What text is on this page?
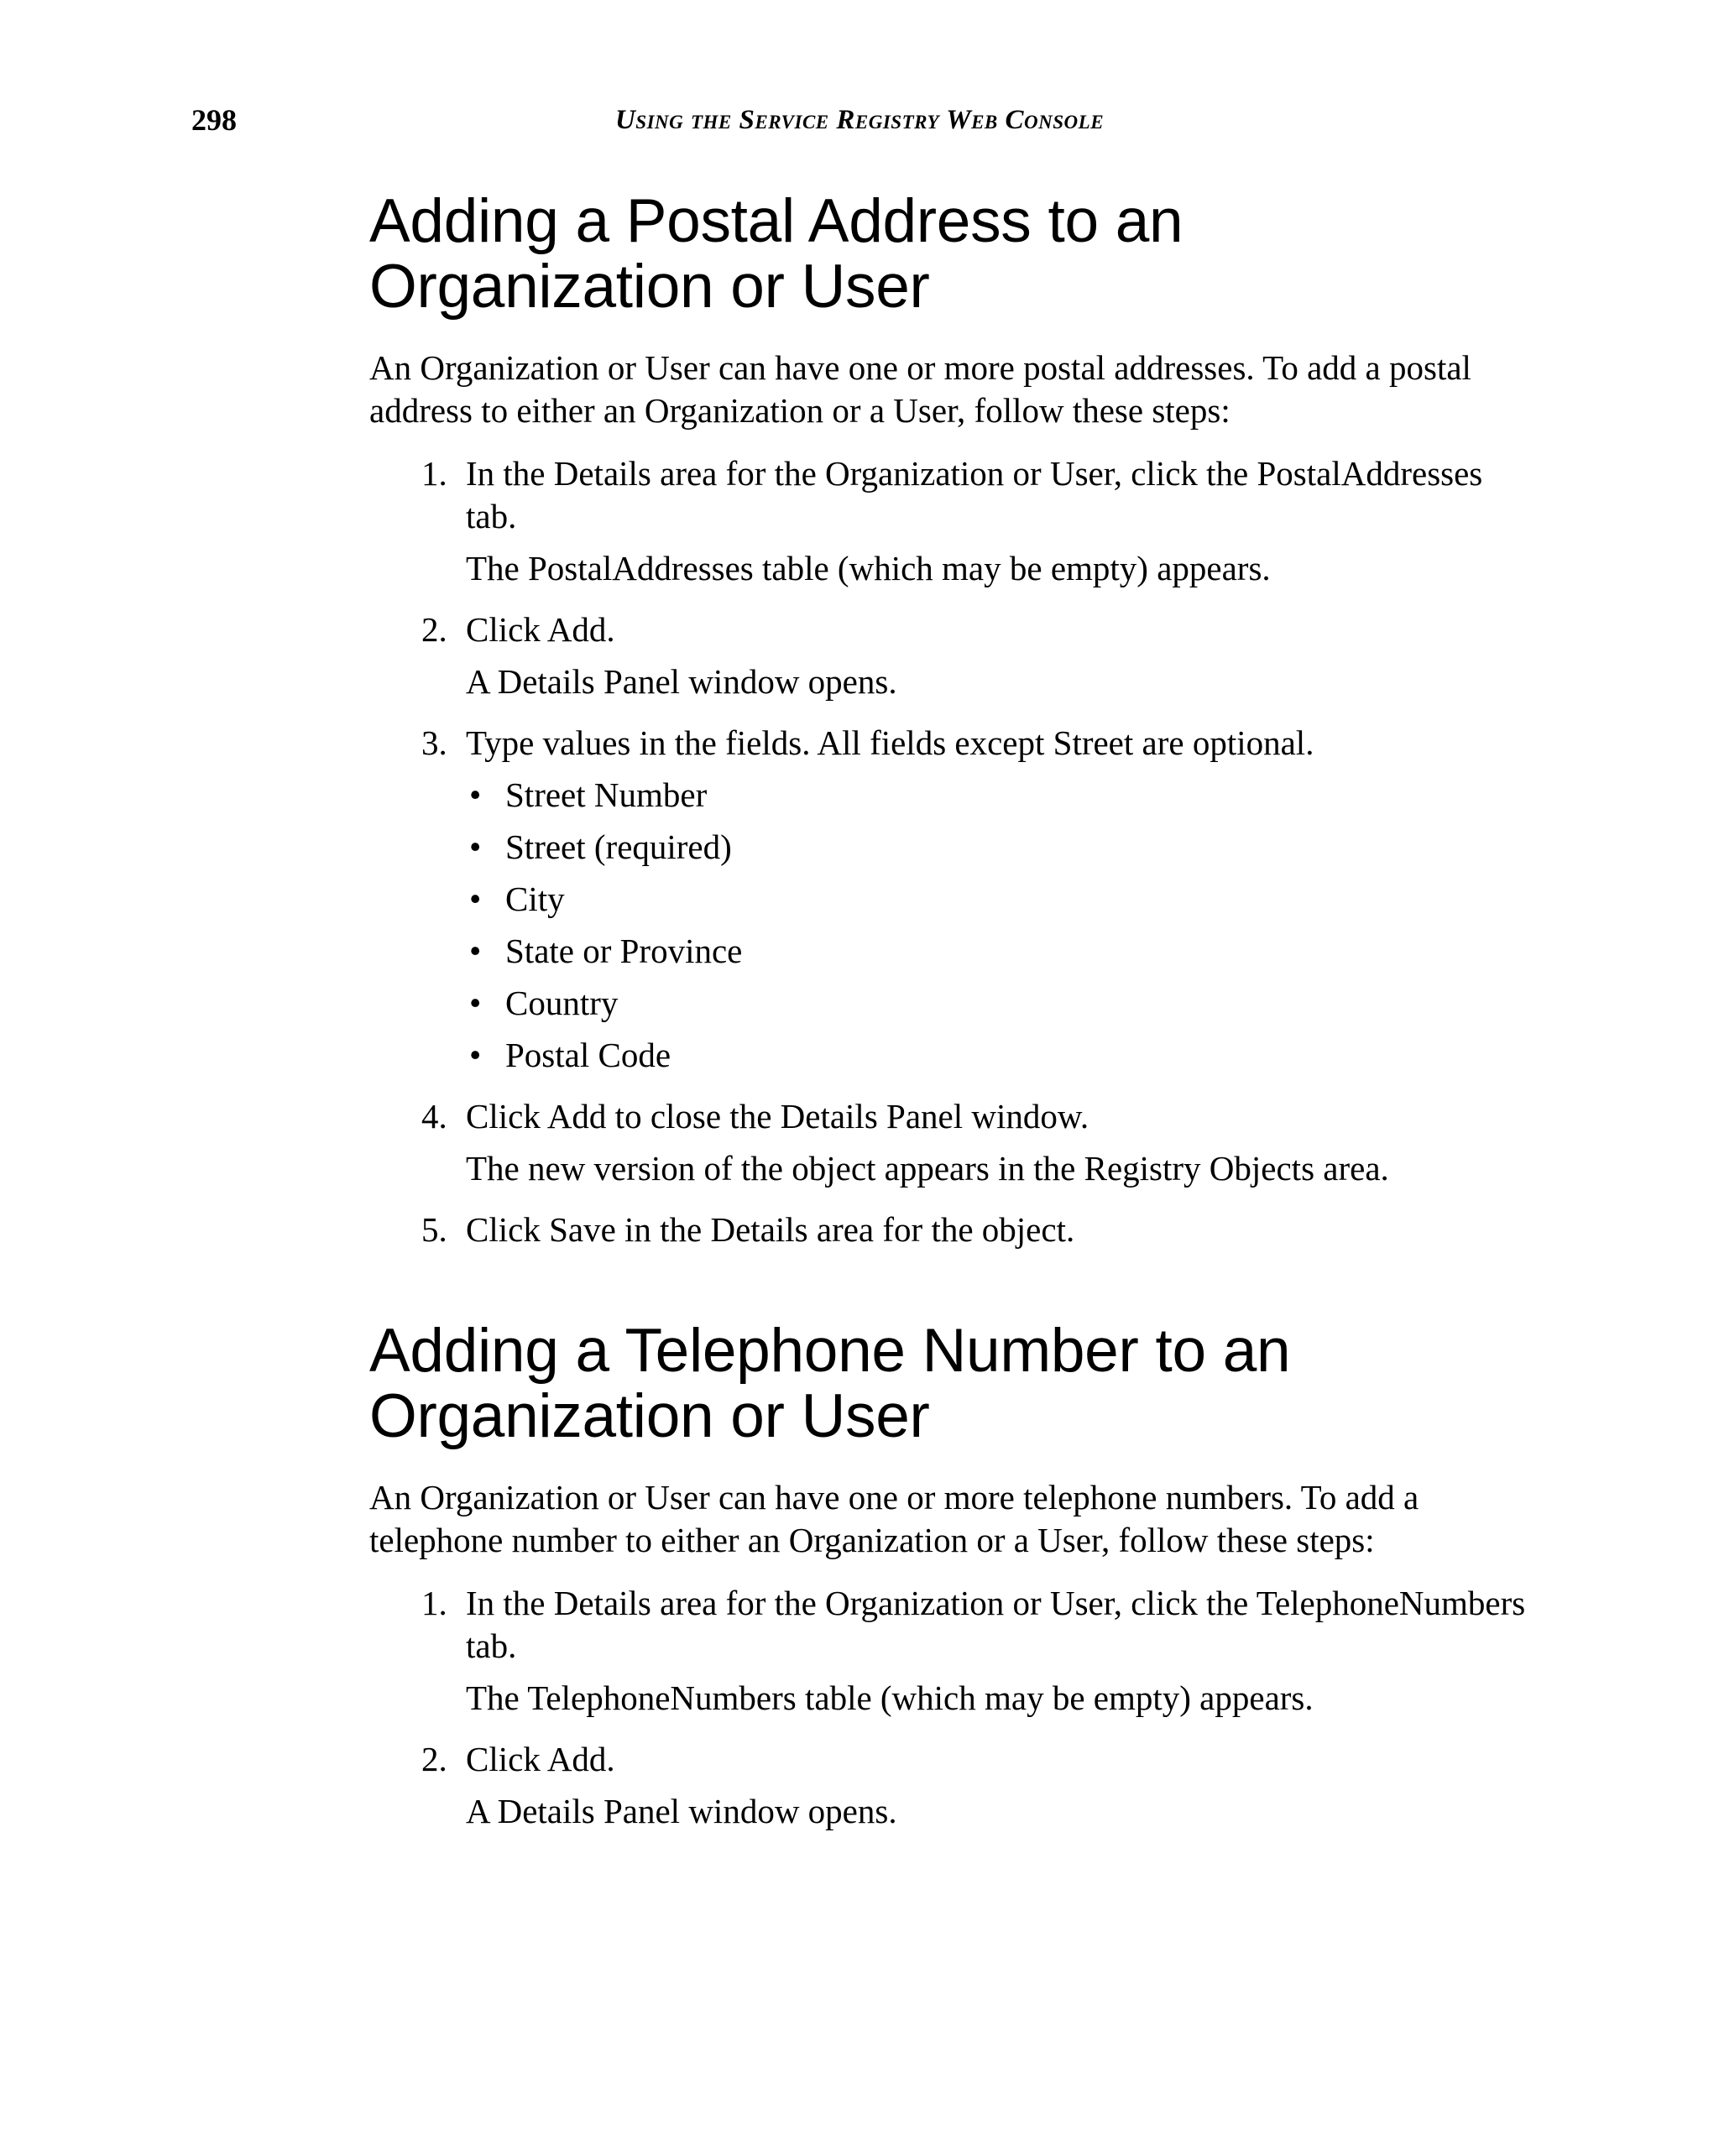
298	Using the Service Registry Web Console
Adding a Postal Address to an
Organization or User

An Organization or User can have one or more postal addresses. To add a postal address to either an Organization or a User, follow these steps:

1. In the Details area for the Organization or User, click the PostalAddresses tab.

The PostalAddresses table (which may be empty) appears.

2. Click Add.

A Details Panel window opens.

3. Type values in the fields. All fields except Street are optional.

• Street Number
• Street (required)
• City
• State or Province
• Country
• Postal Code
4. Click Add to close the Details Panel window.

The new version of the object appears in the Registry Objects area.

5. Click Save in the Details area for the object.

Adding a Telephone Number to an
Organization or User

An Organization or User can have one or more telephone numbers. To add a telephone number to either an Organization or a User, follow these steps:

1. In the Details area for the Organization or User, click the TelephoneNumbers tab.

The TelephoneNumbers table (which may be empty) appears.

2. Click Add.

A Details Panel window opens.
